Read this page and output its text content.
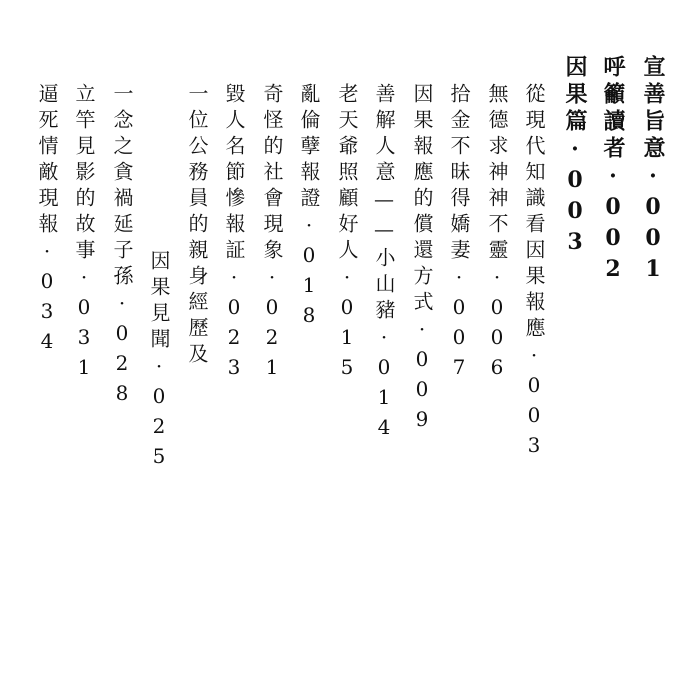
宣善旨意·001
呼籲讀者·002
因果篇·003
從現代知識看因果報應·003
無德求神神不靈·006
拾金不昧得嬌妻·007
因果報應的償還方式·009
善解人意——小山豬·014
老天爺照顧好人·015
亂倫孽報證·018
奇怪的社會現象·021
毀人名節慘報証·023
一位公務員的親身經歷及
因果見聞·025
一念之貪禍延子孫·028
立竿見影的故事·031
逼死情敵現報·034
